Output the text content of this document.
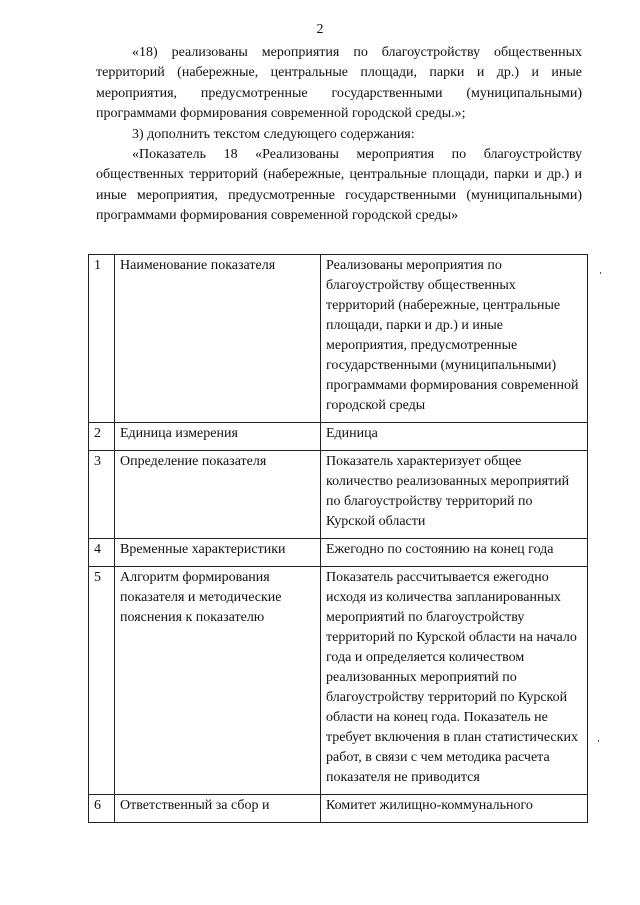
2

«18) реализованы мероприятия по благоустройству общественных территорий (набережные, центральные площади, парки и др.) и иные мероприятия, предусмотренные государственными (муниципальными) программами формирования современной городской среды.»;

3) дополнить текстом следующего содержания:

«Показатель 18 «Реализованы мероприятия по благоустройству общественных территорий (набережные, центральные площади, парки и др.) и иные мероприятия, предусмотренные государственными (муниципальными) программами формирования современной городской среды»

1	Наименование показателя	Реализованы мероприятия по благоустройству общественных территорий (набережные, центральные площади, парки и др.) и иные мероприятия, предусмотренные государственными (муниципальными) программами формирования современной городской среды
2	Единица измерения	Единица
3	Определение показателя	Показатель характеризует общее количество реализованных мероприятий по благоустройству территорий по Курской области
4	Временные характеристики	Ежегодно по состоянию на конец года
5	Алгоритм формирования показателя и методические пояснения к показателю	Показатель рассчитывается ежегодно исходя из количества запланированных мероприятий по благоустройству территорий по Курской области на начало года и определяется количеством реализованных мероприятий по благоустройству территорий по Курской области на конец года. Показатель не требует включения в план статистических работ, в связи с чем методика расчета показателя не приводится
6	Ответственный за сбор и	Комитет жилищно-коммунального
